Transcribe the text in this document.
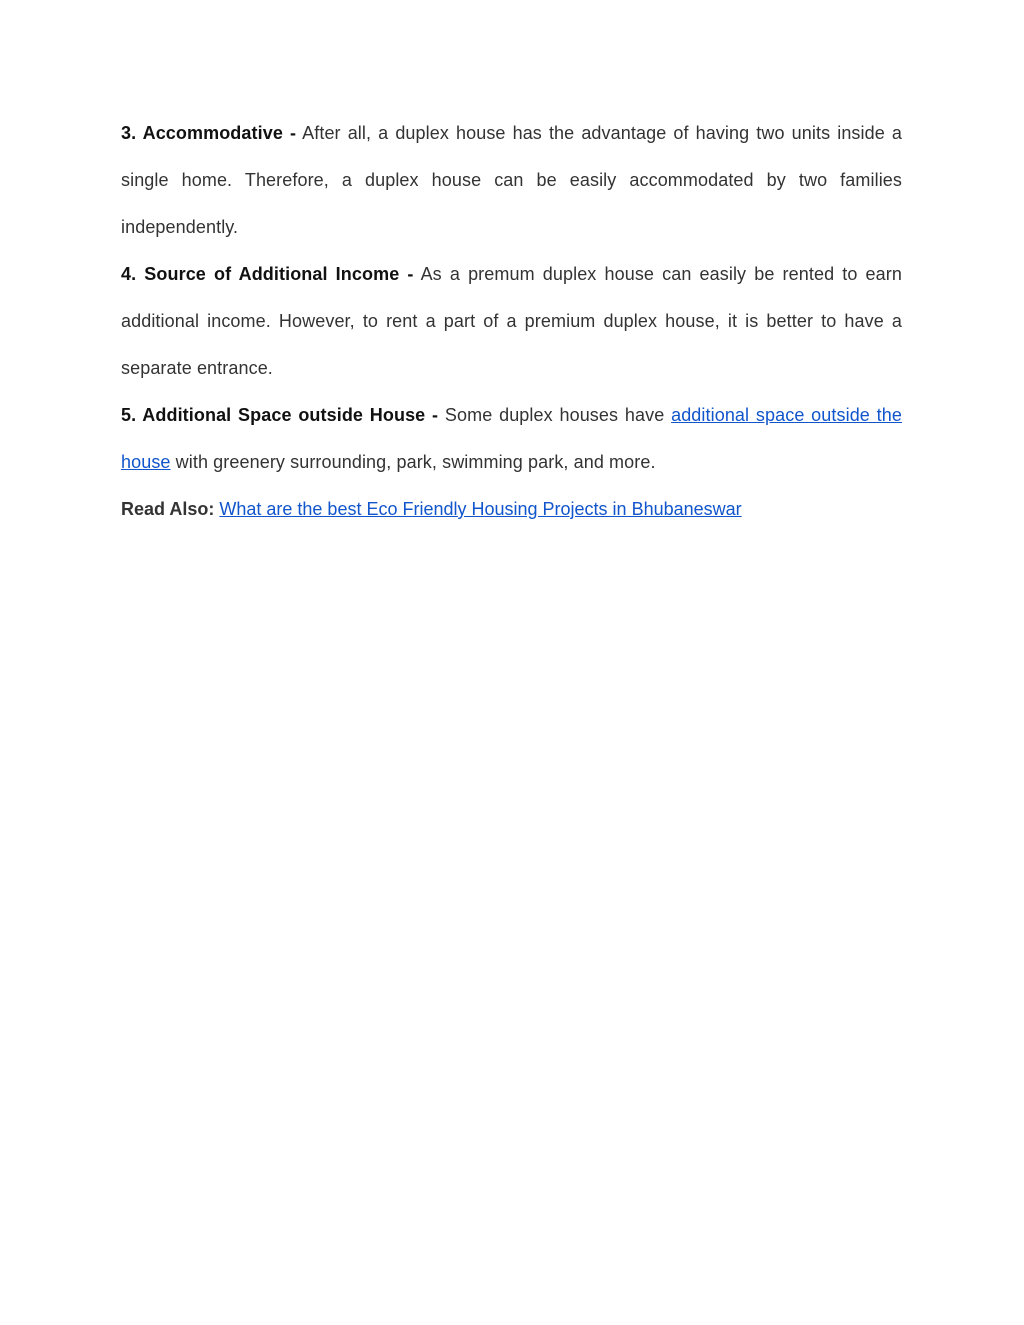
3. Accommodative - After all, a duplex house has the advantage of having two units inside a single home. Therefore, a duplex house can be easily accommodated by two families independently.

4. Source of Additional Income - As a premum duplex house can easily be rented to earn additional income. However, to rent a part of a premium duplex house, it is better to have a separate entrance.

5. Additional Space outside House - Some duplex houses have additional space outside the house with greenery surrounding, park, swimming park, and more.

Read Also: What are the best Eco Friendly Housing Projects in Bhubaneswar
